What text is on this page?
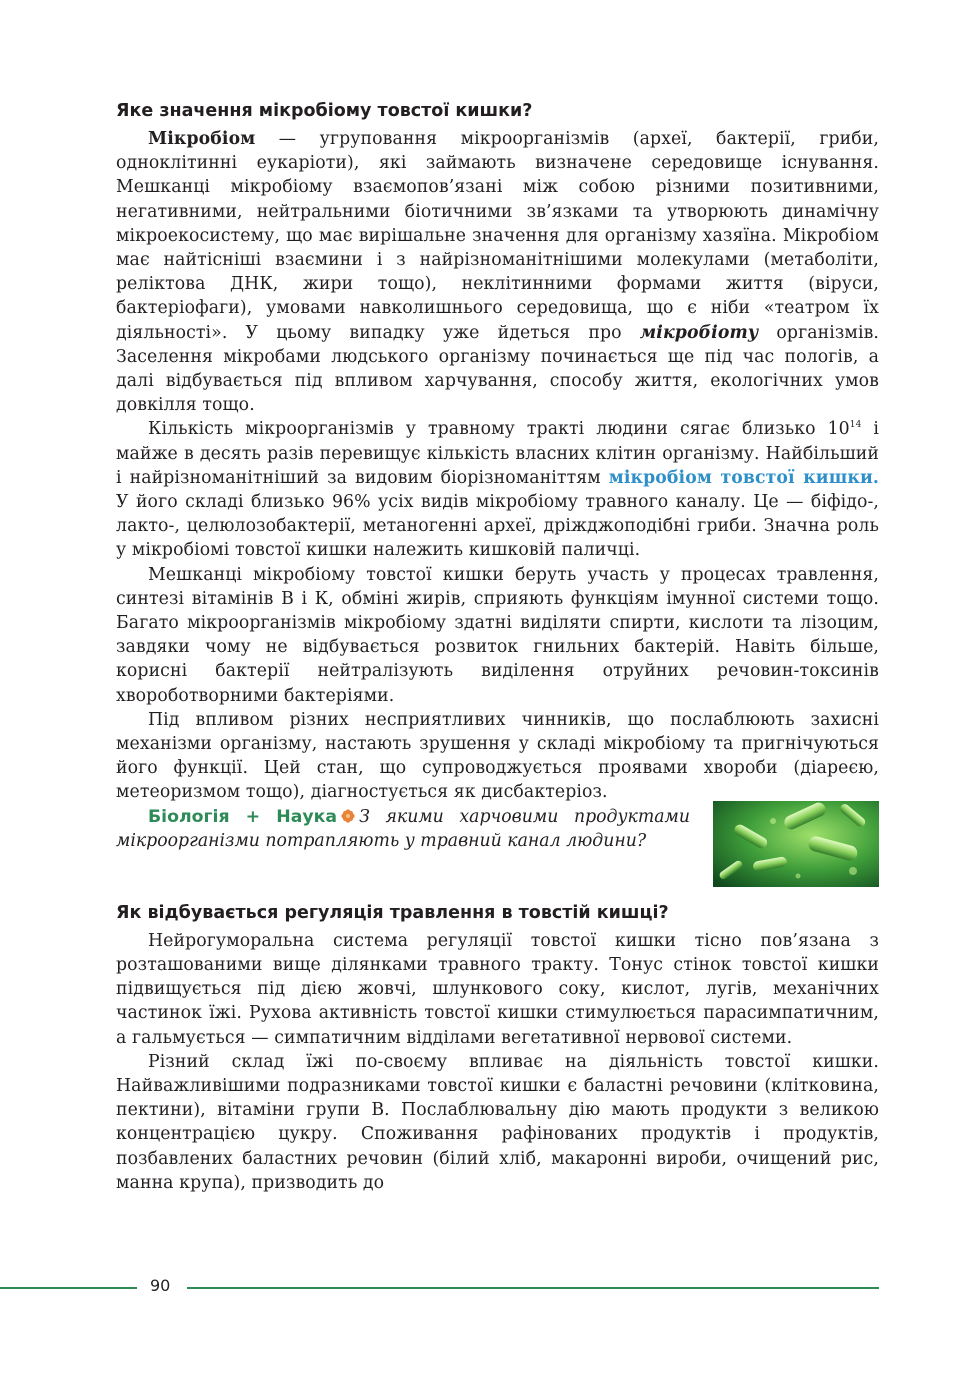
Яке значення мікробіому товстої кишки?

Мікробіом — угруповання мікроорганізмів (археї, бактерії, гриби, одноклітинні еукаріоти), які займають визначене середовище існування. Мешканці мікробіому взаємопов’язані між собою різними позитивними, негативними, нейтральними біотичними зв’язками та утворюють динамічну мікроекосистему, що має вирішальне значення для організму хазяїна. Мікробіом має найтісніші взаємини і з найрізноманітнішими молекулами (метаболіти, реліктова ДНК, жири тощо), неклітинними формами життя (віруси, бактеріофаги), умовами навколишнього середовища, що є ніби «театром їх діяльності». У цьому випадку уже йдеться про мікробіоту організмів. Заселення мікробами людського організму починається ще під час пологів, а далі відбувається під впливом харчування, способу життя, екологічних умов довкілля тощо.

Кількість мікроорганізмів у травному тракті людини сягає близько $10^{14}$ і майже в десять разів перевищує кількість власних клітин організму. Найбільший і найрізноманітніший за видовим біорізноманіттям мікробіом товстої кишки. У його складі близько 96% усіх видів мікробіому травного каналу. Це — біфідо-, лакто-, целюлозобактерії, метаногенні археї, дріжджоподібні гриби. Значна роль у мікробіомі товстої кишки належить кишковій паличці.

Мешканці мікробіому товстої кишки беруть участь у процесах травлення, синтезі вітамінів В і К, обміні жирів, сприяють функціям імунної системи тощо. Багато мікроорганізмів мікробіому здатні виділяти спирти, кислоти та лізоцим, завдяки чому не відбувається розвиток гнильних бактерій. Навіть більше, корисні бактерії нейтралізують виділення отруйних речовин-токсинів хвороботворними бактеріями.

Під впливом різних несприятливих чинників, що послаблюють захисні механізми організму, настають зрушення у складі мікробіому та пригнічуються його функції. Цей стан, що супроводжується проявами хвороби (діареєю, метеоризмом тощо), діагностується як дисбактеріоз.

Біологія + Наука З якими харчовими продуктами мікроорганізми потрапляють у травний канал людини?

Як відбувається регуляція травлення в товстій кишці?

Нейрогуморальна система регуляції товстої кишки тісно пов’язана з розташованими вище ділянками травного тракту. Тонус стінок товстої кишки підвищується під дією жовчі, шлункового соку, кислот, лугів, механічних частинок їжі. Рухова активність товстої кишки стимулюється парасимпатичним, а гальмується — симпатичним відділами вегетативної нервової системи.

Різний склад їжі по-своєму впливає на діяльність товстої кишки. Найважливішими подразниками товстої кишки є баластні речовини (клітковина, пектини), вітаміни групи В. Послаблювальну дію мають продукти з великою концентрацією цукру. Споживання рафінованих продуктів і продуктів, позбавлених баластних речовин (білий хліб, макаронні вироби, очищений рис, манна крупа), призводить до

90
